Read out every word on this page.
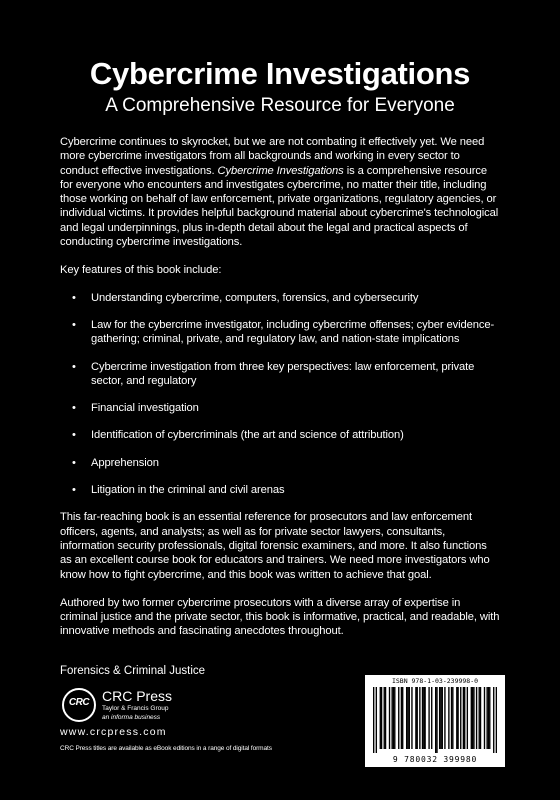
Cybercrime Investigations
A Comprehensive Resource for Everyone

Cybercrime continues to skyrocket, but we are not combating it effectively yet. We need more cybercrime investigators from all backgrounds and working in every sector to conduct effective investigations. Cybercrime Investigations is a comprehensive resource for everyone who encounters and investigates cybercrime, no matter their title, including those working on behalf of law enforcement, private organizations, regulatory agencies, or individual victims. It provides helpful background material about cybercrime's technological and legal underpinnings, plus in-depth detail about the legal and practical aspects of conducting cybercrime investigations.

Key features of this book include:

• Understanding cybercrime, computers, forensics, and cybersecurity
• Law for the cybercrime investigator, including cybercrime offenses; cyber evidence-gathering; criminal, private, and regulatory law, and nation-state implications
• Cybercrime investigation from three key perspectives: law enforcement, private sector, and regulatory
• Financial investigation
• Identification of cybercriminals (the art and science of attribution)
• Apprehension
• Litigation in the criminal and civil arenas

This far-reaching book is an essential reference for prosecutors and law enforcement officers, agents, and analysts; as well as for private sector lawyers, consultants, information security professionals, digital forensic examiners, and more. It also functions as an excellent course book for educators and trainers. We need more investigators who know how to fight cybercrime, and this book was written to achieve that goal.

Authored by two former cybercrime prosecutors with a diverse array of expertise in criminal justice and the private sector, this book is informative, practical, and readable, with innovative methods and fascinating anecdotes throughout.

Forensics & Criminal Justice
CRC CRC Press
Taylor & Francis Group
an informa business
www.crcpress.com
CRC Press titles are available as eBook editions in a range of digital formats
ISBN 978-1-03-239998-0
9 780032 399980
